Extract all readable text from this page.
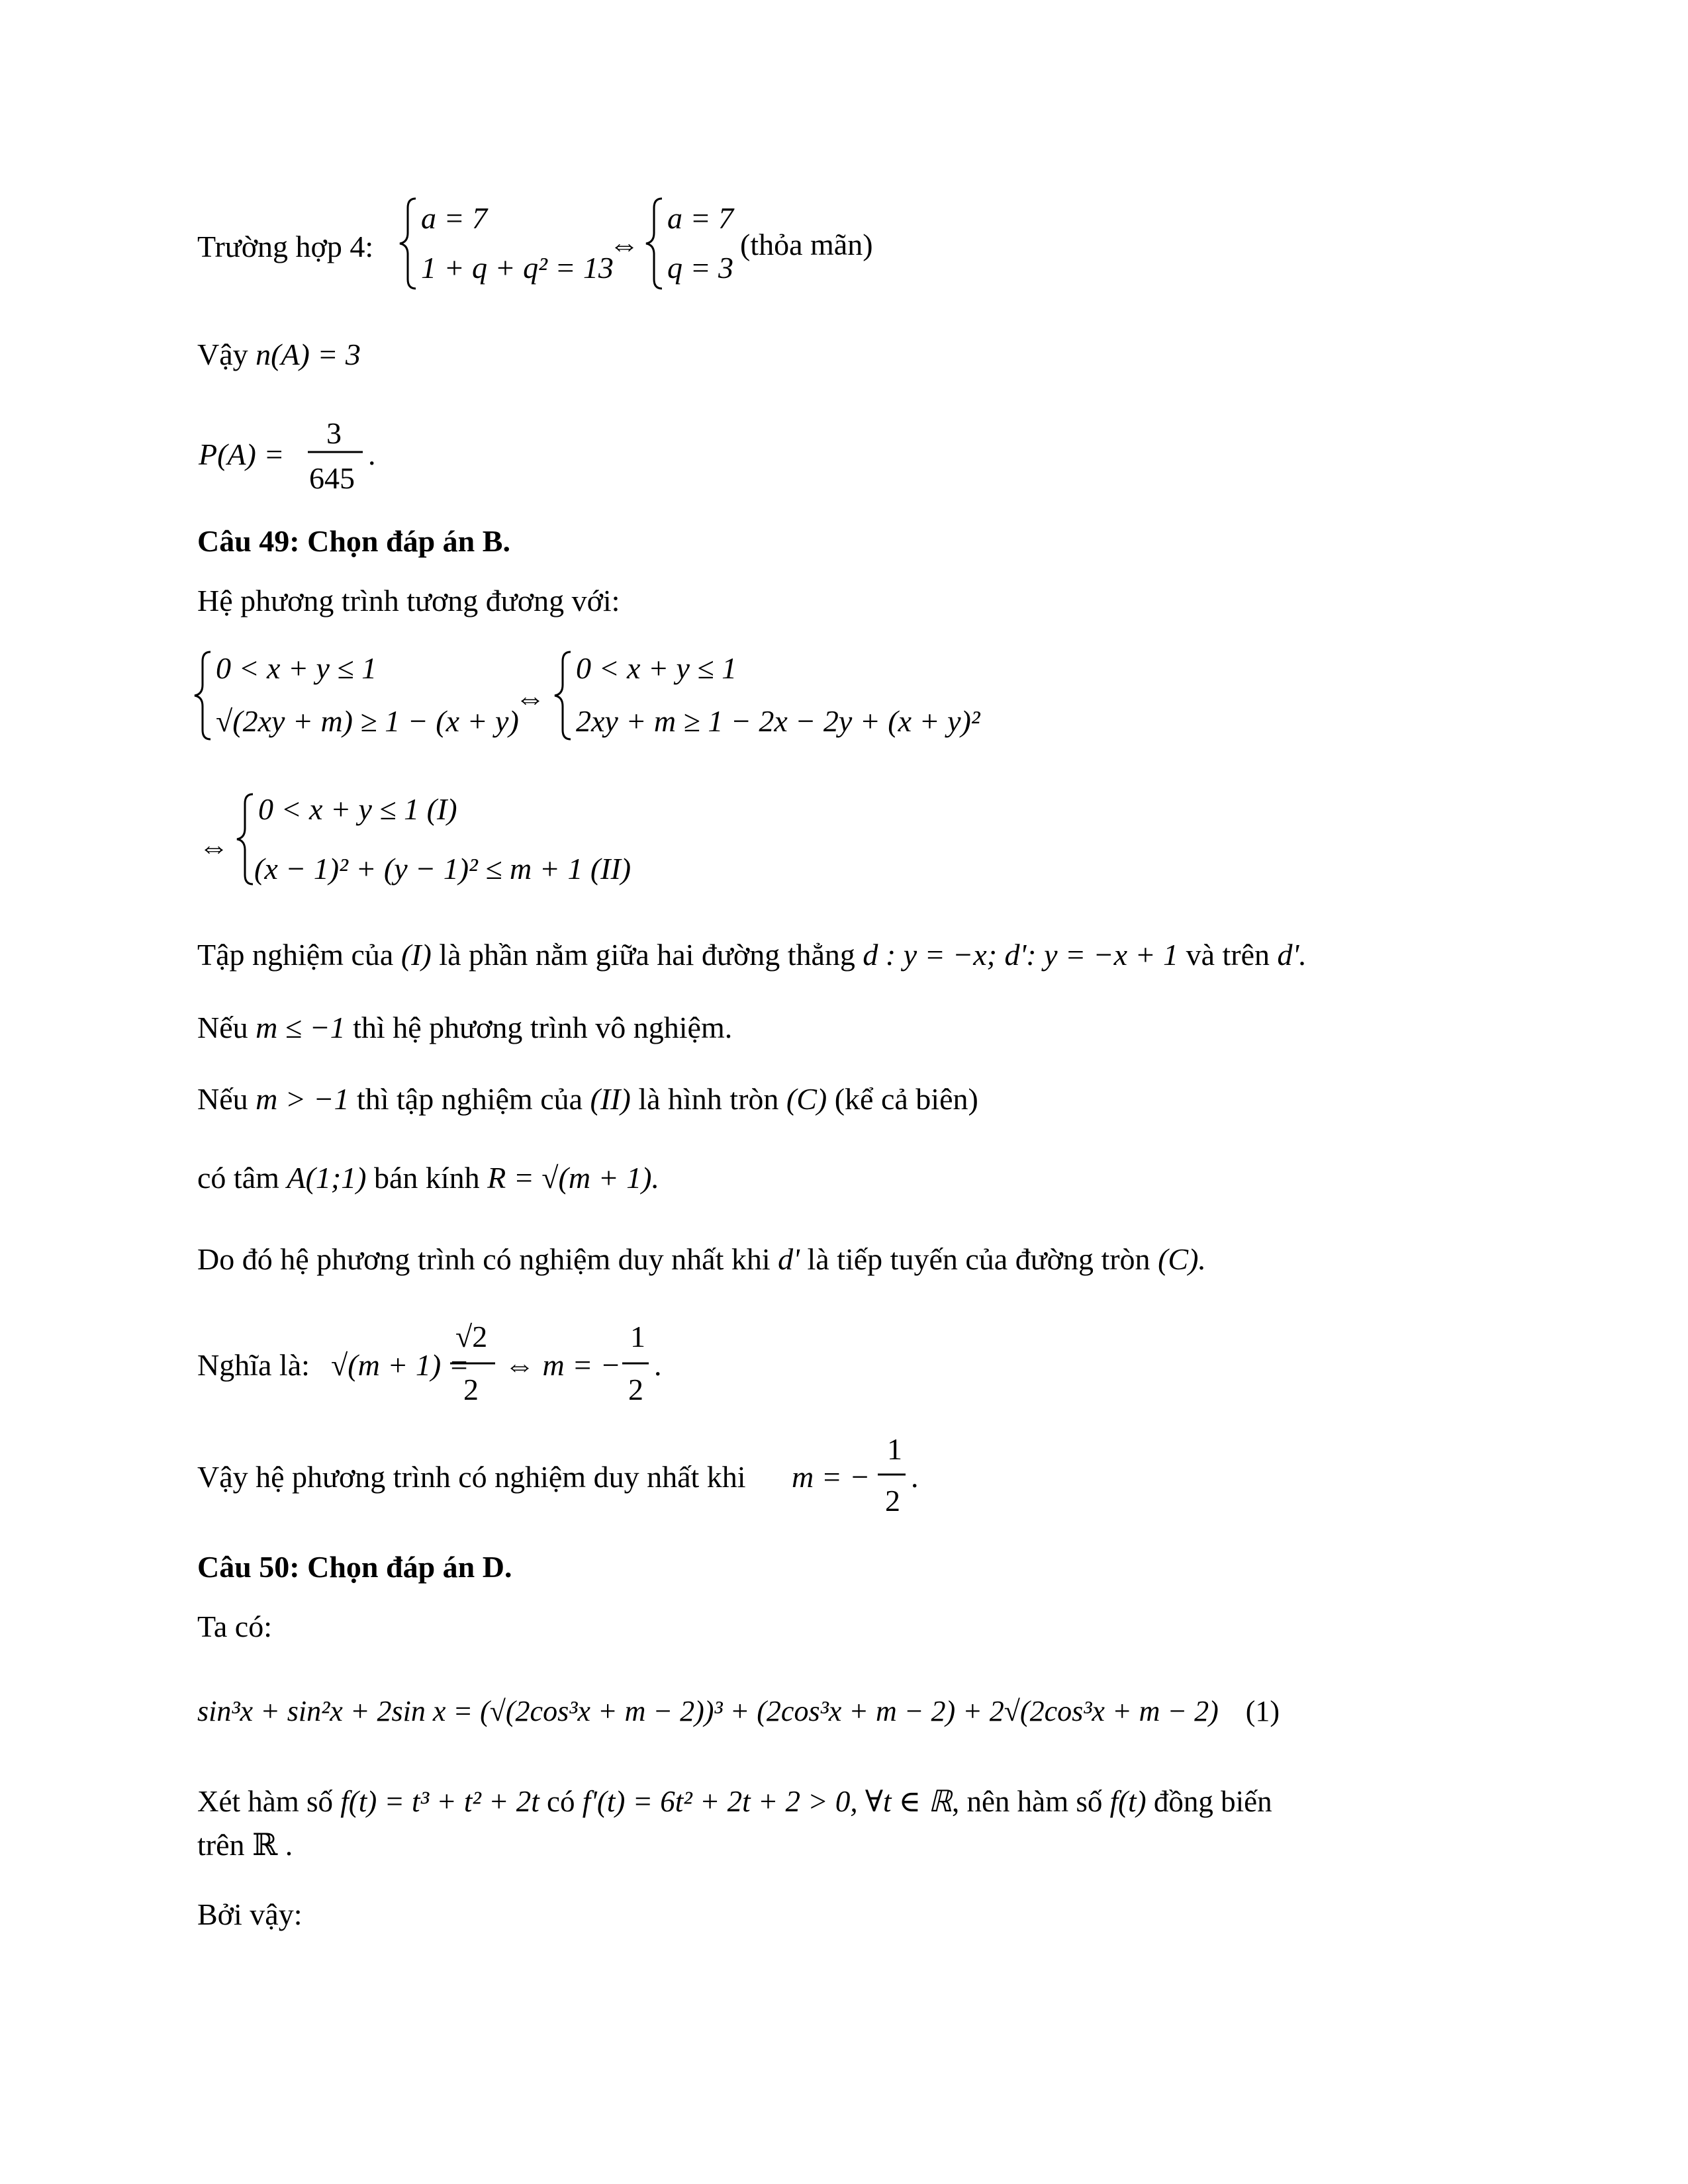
Trường hợp 4:
a = 7
1 + q + q² = 13
⇔
a = 7
q = 3
(thỏa mãn)
Vậy n(A) = 3
P(A) =
3
645
.
Câu 49: Chọn đáp án B.
Hệ phương trình tương đương với:
0 < x + y ≤ 1
√(2xy + m) ≥ 1 − (x + y)
⇔
0 < x + y ≤ 1
2xy + m ≥ 1 − 2x − 2y + (x + y)²
⇔
0 < x + y ≤ 1 (I)
(x − 1)² + (y − 1)² ≤ m + 1 (II)
Tập nghiệm của (I) là phần nằm giữa hai đường thẳng d : y = −x; d': y = −x + 1 và trên d'.
Nếu m ≤ −1 thì hệ phương trình vô nghiệm.
Nếu m > −1 thì tập nghiệm của (II) là hình tròn (C) (kể cả biên)
có tâm A(1;1) bán kính R = √(m + 1).
Do đó hệ phương trình có nghiệm duy nhất khi d' là tiếp tuyến của đường tròn (C).
Nghĩa là: √(m + 1) =
√2
2
⇔ m = −
1
2
.
Vậy hệ phương trình có nghiệm duy nhất khi m = −
1
2
.
Câu 50: Chọn đáp án D.
Ta có:
sin³x + sin²x + 2sin x = (√(2cos³x + m − 2))³ + (2cos³x + m − 2) + 2√(2cos³x + m − 2) (1)
Xét hàm số f(t) = t³ + t² + 2t có f'(t) = 6t² + 2t + 2 > 0, ∀t ∈ ℝ, nên hàm số f(t) đồng biến
trên ℝ .
Bởi vậy:
